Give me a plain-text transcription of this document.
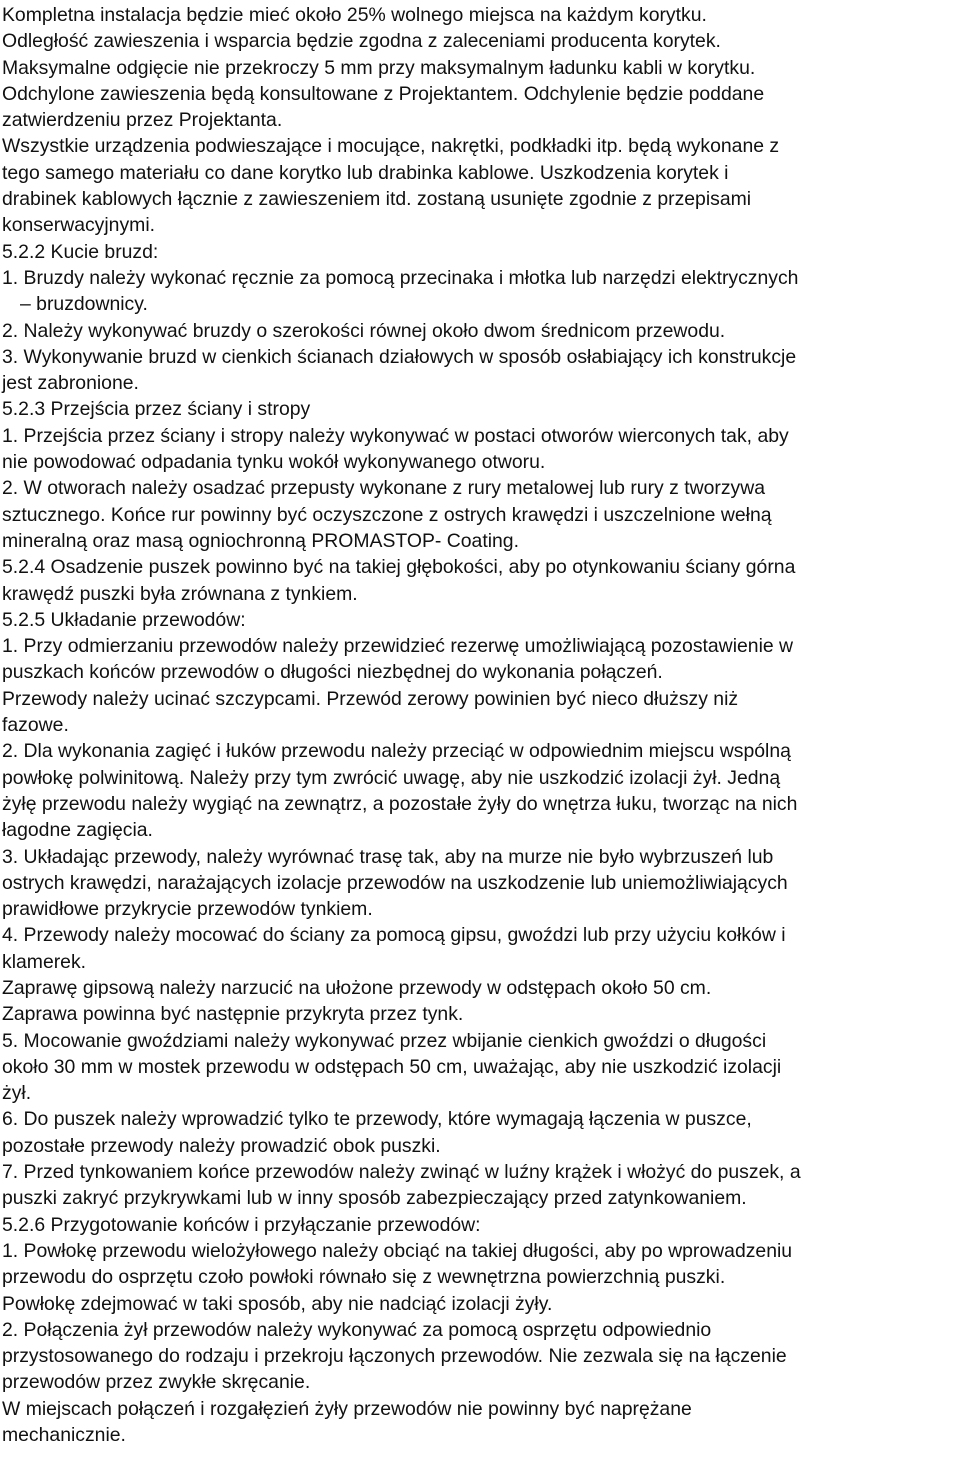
Kompletna instalacja będzie mieć około 25% wolnego miejsca na każdym korytku.
Odległość zawieszenia i wsparcia będzie zgodna z zaleceniami producenta korytek.
Maksymalne odgięcie nie przekroczy 5 mm przy maksymalnym ładunku kabli w korytku.
Odchylone zawieszenia będą konsultowane z Projektantem. Odchylenie będzie poddane
zatwierdzeniu przez Projektanta.
Wszystkie urządzenia podwieszające i mocujące, nakrętki, podkładki itp. będą wykonane z
tego samego materiału co dane korytko lub drabinka kablowe. Uszkodzenia korytek i
drabinek kablowych łącznie z zawieszeniem itd. zostaną usunięte zgodnie z przepisami
konserwacyjnymi.
5.2.2 Kucie bruzd:
1. Bruzdy należy wykonać ręcznie za pomocą przecinaka i młotka lub narzędzi elektrycznych
– bruzdownicy.
2. Należy wykonywać bruzdy o szerokości równej około dwom średnicom przewodu.
3. Wykonywanie bruzd w cienkich ścianach działowych w sposób osłabiający ich konstrukcje
jest zabronione.
5.2.3 Przejścia przez ściany i stropy
1. Przejścia przez ściany i stropy należy wykonywać w postaci otworów wierconych tak, aby
nie powodować odpadania tynku wokół wykonywanego otworu.
2. W otworach należy osadzać przepusty wykonane z rury metalowej lub rury z tworzywa
sztucznego. Końce rur powinny być oczyszczone z ostrych krawędzi i uszczelnione wełną
mineralną oraz masą ogniochronną PROMASTOP- Coating.
5.2.4 Osadzenie puszek powinno być na takiej głębokości, aby po otynkowaniu ściany górna
krawędź puszki była zrównana z tynkiem.
5.2.5 Układanie przewodów:
1. Przy odmierzaniu przewodów należy przewidzieć rezerwę umożliwiającą pozostawienie w
puszkach końców przewodów o długości niezbędnej do wykonania połączeń.
Przewody należy ucinać szczypcami. Przewód zerowy powinien być nieco dłuższy niż
fazowe.
2. Dla wykonania zagięć i łuków przewodu należy przeciąć w odpowiednim miejscu wspólną
powłokę polwinitową. Należy przy tym zwrócić uwagę, aby nie uszkodzić izolacji żył. Jedną
żyłę przewodu należy wygiąć na zewnątrz, a pozostałe żyły do wnętrza łuku, tworząc na nich
łagodne zagięcia.
3. Układając przewody, należy wyrównać trasę tak, aby na murze nie było wybrzuszeń lub
ostrych krawędzi, narażających izolacje przewodów na uszkodzenie lub uniemożliwiających
prawidłowe przykrycie przewodów tynkiem.
4. Przewody należy mocować do ściany za pomocą gipsu, gwoździ lub przy użyciu kołków i
klamerek.
Zaprawę gipsową należy narzucić na ułożone przewody w odstępach około 50 cm.
Zaprawa powinna być następnie przykryta przez tynk.
5. Mocowanie gwoździami należy wykonywać przez wbijanie cienkich gwoździ o długości
około 30 mm w mostek przewodu w odstępach 50 cm, uważając, aby nie uszkodzić izolacji
żył.
6. Do puszek należy wprowadzić tylko te przewody, które wymagają łączenia w puszce,
pozostałe przewody należy prowadzić obok puszki.
7. Przed tynkowaniem końce przewodów należy zwinąć w luźny krążek i włożyć do puszek, a
puszki zakryć przykrywkami lub w inny sposób zabezpieczający przed zatynkowaniem.
5.2.6 Przygotowanie końców i przyłączanie przewodów:
1. Powłokę przewodu wielożyłowego należy obciąć na takiej długości, aby po wprowadzeniu
przewodu do osprzętu czoło powłoki równało się z wewnętrzna powierzchnią puszki.
Powłokę zdejmować w taki sposób, aby nie nadciąć izolacji żyły.
2. Połączenia żył przewodów należy wykonywać za pomocą osprzętu odpowiednio
przystosowanego do rodzaju i przekroju łączonych przewodów. Nie zezwala się na łączenie
przewodów przez zwykłe skręcanie.
W miejscach połączeń i rozgałęzień żyły przewodów nie powinny być naprężane
mechanicznie.
